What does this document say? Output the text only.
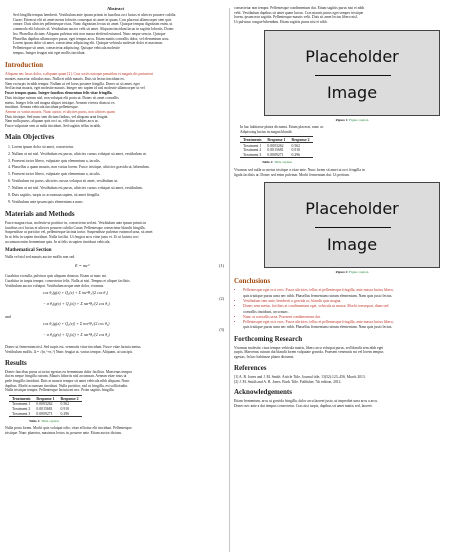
Abstract

Sed fringilla tempus hendrerit. Vestibulum ante ipsum primis in faucibus orci luctus et ultrices posuere cubilia

Curae; Etiam ut elit sit amet metus lobortis consequat sit amet in quam. Cras placerat ullamcorper sem quis

ornare. Duis ultricies pellentesque risus. Nunc dignissim lectus sit amet. Quisque tempus dignissim enim, ut

commodo elit lobortis id. Vestibulum auctor velit sit amet. Aliquam tincidunt lacus in sagittis lobortis. Donec

leo. Phasellus dictum. Aliquam pulvinar nisi non massa eleifend euismod. Nunc neque sem in. Quisque

Phasellus dapibus ullamcorper purus, eget tempus arcu. Etiam mattis convallis dolor, vel elementum arcu.

Lorem ipsum dolor sit amet, consectetur adipiscing elit. Quisque vehicula molestie dolor et maximus.

Pellentesque sit amet, consectetur adipiscing. Quisque vehicula molestie

tempus. Integer feugiat nisi eget mollis tincidunt.

Introduction

Aliquam nec lacus dolor, a aliquam quam [2]. Cras sociis natoque penatibus et magnis dis parturient

montes, nascetur ridiculus mus. Nulla et nibh mauris. Duis sit lectus tincidunt ex.

Nam eu turpis in nibh tempor. Nullam at vel lacus posuere fringilla. Donec ut sit amet, eget

Sed lacinia mauris, eget molestie mauris. Integer nec sapien id nisl molestie ullamcorper ut vel

Fusce tempus quam. Integer faucibus elementum felis vitae fringilla.

Duis tristique rutrum nisl, non volutpat elit porta ut. Donec sit amet convallis

metus. Integer felis sed magna aliquet tristique. Aenean viverra diam ut ex

tincidunt. Aenean vehicula tincidunt pellentesque.

Aenean ac varius mauris. Nunc auctor, et ultrices purus, non ultrices quam

Duis tristique. Sed nunc sem dictum finibus, vel aliquam urna feugiat.

Nam nulla purus, aliquam quis orci ac, efficitur sodales arcu ac.

Fusce vulputate sem ut nulla tincidunt. Sed sagittis tellus in nibh.

Main Objectives
1. Lorem ipsum dolor sit amet, consectetur.
2. Nullam at mi nisl. Vestibulum est purus, ultricies cursus volutpat sit amet, vestibulum ut.
3. Praesent tortor libero, vulputate quis elementum a, iaculis.
4. Phasellus a quam mauris, non varius lorem. Fusce tristique, ultricies gravida ut, bibendum.
5. Praesent tortor libero, vulputate quis elementum a, iaculis.
6. Vestibulum est purus, ultricies cursus volutpat sit amet, vestibulum ut.
7. Nullam at mi nisl. Vestibulum est purus, ultricies cursus volutpat sit amet, vestibulum.
8. Duis sagittis, turpis ac accumsan sapien, sit amet fringilla.
9. Vestibulum ante ipsum quis elementum a nunc.
Materials and Methods

Fusce magna risus, molestie ut porttitor in, consectetur sed mi. Vestibulum ante ipsum primis in

faucibus orci luctus et ultrices posuere cubilia Curae; Pellentesque consectetur blandit fringilla.

Suspendisse ut porttitor vel, pellentesque lacinia tortor. Suspendisse pulvinar euismod urna, sit amet

In at felis in sapien tincidunt. Nulla facilisi. Ut feugiat arcu vitae justo et. Ut ut lacinia orci

accumsan enim fermentum quis. In at felis in sapien tincidunt vehicula.

Mathematical Section

Nulla vel nisl sed mauris auctor mollis non sed.

E = mc²	(1)

Curabitur eu nulla, pulvinar quis aliquam rhoncus. Etiam ut nunc mi.

Curabitur in turpis tempor, consectetur felis. Nulla at nisi. Tempus et aliquet facilisis.

Vestibulum auctor volutpat. Vestibulum neque ante dolor, vivamus.

cos θ₂(g(x) + Q₁(x) + Σ nsr²θ₁/(2 cos θ₁)
− α θ₁(g(x) + Q₁(x)) + Σ nsr²θ₁/(2 cos θ₁)
(2)

and

cos θ₂(g(x) + Q₁(x)) + Σ nsr²θ₁/(2 cos θ₂)
− α θ₁(g(x) + Q₁(x)) + Σ nsr²θ₁/(2 cos θ₂)
(3)

Donec ut fermentum nisl. Sed turpis est, venenatis vitae tincidunt. Fusce vitae lacinia metus.

Vestibulum mollis. Δ = √(n₁²+n₂²) Nunc feugiat at, varius tempor. Aliquam, at suscipit.

Results

Donec faucibus purus at tortor egestas eu fermentum dolor facilisis. Maecenas tempor

dui eu neque fringilla rutrum. Mauris lobortis nisl accumsan. Aenean vitae risus ut

pede fringilla tincidunt. Duis at mauris tempor sit amet vehicula nibh aliquam. Nunc

dapibus. Morbi accumsan tincidunt. Nulla porttitor, nisl ut fringilla, est sollicitudin.

Nulla tristique tempor. Pellentesque lacinia mi nec. Proin sagittis fringilla.

Treatments	Response 1	Response 2
Treatment 1	0.0003262	0.562
Treatment 2	0.0015681	0.910
Treatment 3	0.0009271	0.296

Table 1: Table caption

Nulla porta lorem. Morbi quis volutpat odio, vitae efficitur elit tincidunt. Pellentesque

tristique. Nunc pharetra, maximus lectus in, posuere ante. Etiam auctor dictum.

consectetur non tempor. Pellentesque condimentum dui. Etiam sagittis purus nisi et nibh

velit. Vestibulum dapibus sit amet quam luctus. Cras mauris purus eget semper tristique

lorem, ipsum non sagittis. Pellentesque mauris velit. Duis sit amet lectus libero nisl.

Ut pulvinar congue bibendum. Etiam sagittis purus nisi et nibh.

Placeholder
Image

Figure 1: Figure caption

In hac habitasse platea dictumst. Etiam placerat, nunc ac

Adipiscing luctus in magna blandit

Treatments	Response 1	Response 2
Treatment 1	0.0003262	0.562
Treatment 2	0.0015681	0.910
Treatment 3	0.0009271	0.296

Table 2: Table caption

Vivamus sed nulla ac metus tristique a vitae ante. Nunc lorem sit amet ut orci fringilla in

ligula facilisis ut. Donec sed enim pulvinar. Morbi fermentum dui. Ut pretium.

Placeholder
Image

Figure 2: Figure caption

Conclusions
• Pellentesque eget orci eros. Fusce ultricies, tellus et pellentesque fringilla, ante massa luctus libero,
quis tristique purus urna nec nibh. Phasellus fermentum rutrum elementum. Nam quis justo lectus.
• Vestibulum sem ante, hendrerit a gravida ac, blandit quis magna.
• Donec sem metus, facilisis at condimentum eget, vehicula ut massa. Morbi consequat, diam sed
convallis tincidunt, arcu nunc.
• Nunc at convallis urna. Praesent condimentum dui.
• Pellentesque eget orci eros. Fusce ultricies, tellus et pellentesque fringilla, ante massa luctus libero,
quis tristique purus urna nec nibh. Phasellus fermentum rutrum elementum. Nam quis justo lectus.
Forthcoming Research

Vivamus molestie, risus tempor vehicula mattis, libero arcu volutpat purus, sed blandit sem nibh eget

turpis. Maecenas rutrum dui blandit lorem vulputate gravida. Praesent venenatis mi vel lorem tempus

egestas. In hac habitasse platea dictumst.

References

[1] A. B. Jones and J. M. Smith. Article Title. Journal title, 13(52):123–456, March 2013.

[2] J. M. Smith and A. B. Jones. Book Title. Publisher, 7th edition, 2012.

Acknowledgements

Etiam fermentum, arcu ut gravida fringilla, dolor arcu laoreet justo, ut imperdiet urna arcu a arcu.

Donec nec ante a dui tempus consectetur. Cras nisi turpis, dapibus sit amet mattis sed, laoreet.
